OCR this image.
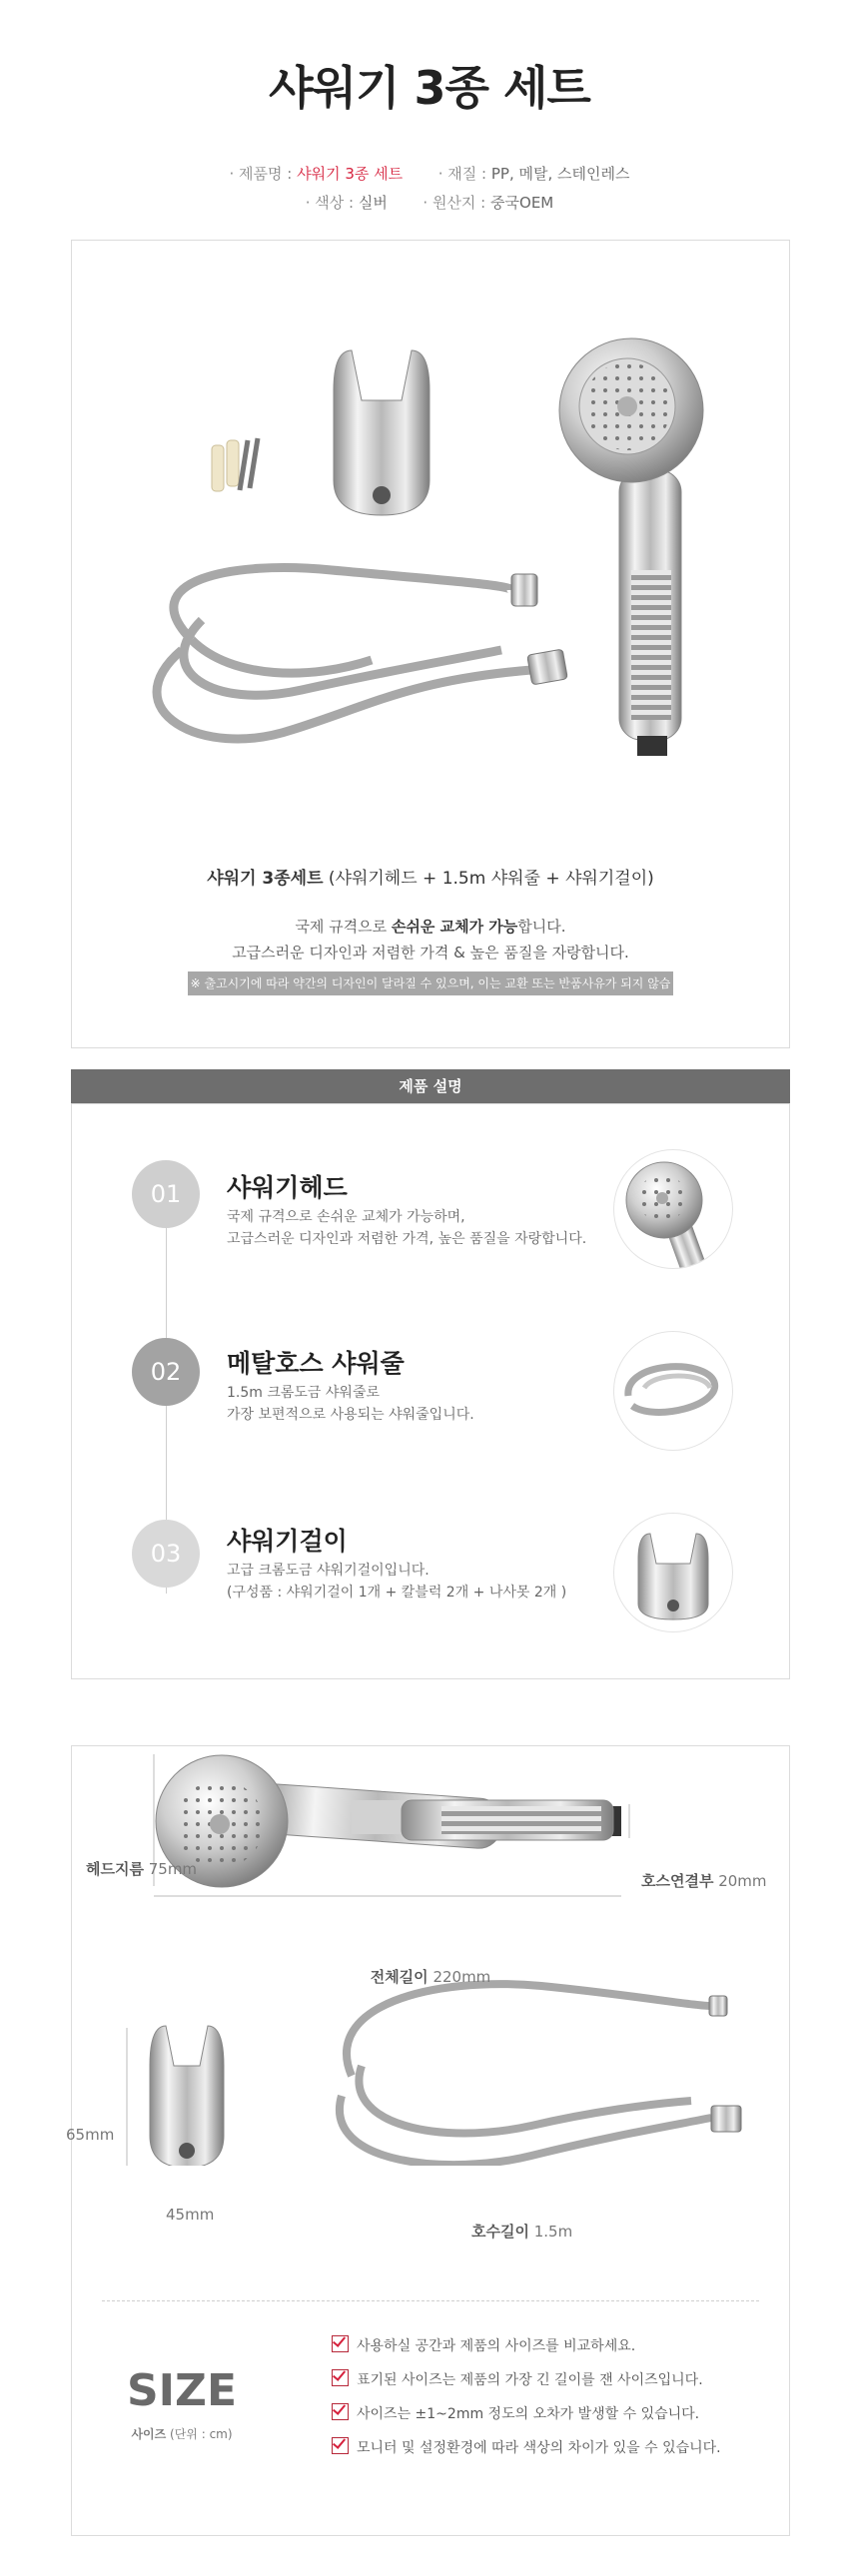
샤워기 3종 세트
· 제품명 : 샤워기 3종 세트 · 재질 : PP, 메탈, 스테인레스
· 색상 : 실버 · 원산지 : 중국OEM
샤워기 3종세트 (샤워기헤드 + 1.5m 샤워줄 + 샤워기걸이)
국제 규격으로 손쉬운 교체가 가능합니다.
고급스러운 디자인과 저렴한 가격 & 높은 품질을 자랑합니다.
※ 출고시기에 따라 약간의 디자인이 달라질 수 있으며, 이는 교환 또는 반품사유가 되지 않습니다.
제품 설명
01	샤워기헤드
국제 규격으로 손쉬운 교체가 가능하며,
고급스러운 디자인과 저렴한 가격, 높은 품질을 자랑합니다.
02	메탈호스 샤워줄
1.5m 크롬도금 샤워줄로
가장 보편적으로 사용되는 샤워줄입니다.
03	샤워기걸이
고급 크롬도금 샤워기걸이입니다.
(구성품 : 샤워기걸이 1개 + 칼블럭 2개 + 나사못 2개 )
헤드지름 75mm
호스연결부 20mm
전체길이 220mm
65mm
45mm
호수길이 1.5m
SIZE
사이즈 (단위 : cm)
사용하실 공간과 제품의 사이즈를 비교하세요.
표기된 사이즈는 제품의 가장 긴 길이를 잰 사이즈입니다.
사이즈는 ±1~2mm 정도의 오차가 발생할 수 있습니다.
모니터 및 설정환경에 따라 색상의 차이가 있을 수 있습니다.
